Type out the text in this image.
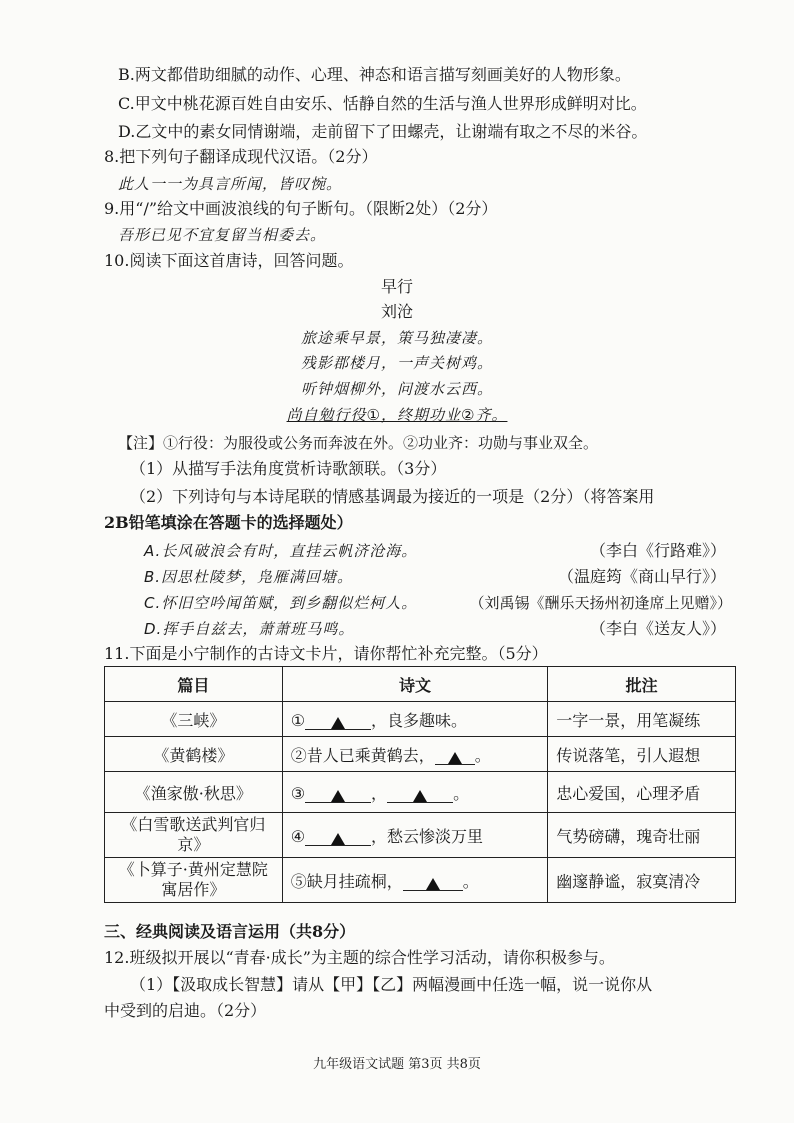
B.两文都借助细腻的动作、心理、神态和语言描写刻画美好的人物形象。
C.甲文中桃花源百姓自由安乐、恬静自然的生活与渔人世界形成鲜明对比。
D.乙文中的素女同情谢端，走前留下了田螺壳，让谢端有取之不尽的米谷。
8.把下列句子翻译成现代汉语。（2分）
此人一一为具言所闻，皆叹惋。
9.用“/”给文中画波浪线的句子断句。（限断2处）（2分）
吾形已见不宜复留当相委去。
10.阅读下面这首唐诗，回答问题。
早行
刘沧
旅途乘早景，策马独凄凄。
残影郡楼月，一声关树鸡。
听钟烟柳外，问渡水云西。
尚自勉行役①，终期功业②齐。
【注】①行役：为服役或公务而奔波在外。②功业齐：功勋与事业双全。
（1）从描写手法角度赏析诗歌颔联。（3分）
（2）下列诗句与本诗尾联的情感基调最为接近的一项是（2分）（将答案用
2B铅笔填涂在答题卡的选择题处）
A.长风破浪会有时，直挂云帆济沧海。	（李白《行路难》）
B.因思杜陵梦，凫雁满回塘。	（温庭筠《商山早行》）
C.怀旧空吟闻笛赋，到乡翻似烂柯人。	（刘禹锡《酬乐天扬州初逢席上见赠》）
D.挥手自兹去，萧萧班马鸣。	（李白《送友人》）
11.下面是小宁制作的古诗文卡片，请你帮忙补充完整。（5分）
篇目	诗文	批注
《三峡》	① ，良多趣味。	一字一景，用笔凝练
《黄鹤楼》	②昔人已乘黄鹤去， 。	传说落笔，引人遐想
《渔家傲·秋思》	③ ， 。	忠心爱国，心理矛盾
《白雪歌送武判官归京》	④ ，愁云惨淡万里	气势磅礴，瑰奇壮丽
《卜算子·黄州定慧院寓居作》	⑤缺月挂疏桐， 。	幽邃静谧，寂寞清冷
三、经典阅读及语言运用（共8分）
12.班级拟开展以“青春·成长”为主题的综合性学习活动，请你积极参与。
（1）【汲取成长智慧】请从【甲】【乙】两幅漫画中任选一幅，说一说你从
中受到的启迪。（2分）
九年级语文试题 第3页 共8页
